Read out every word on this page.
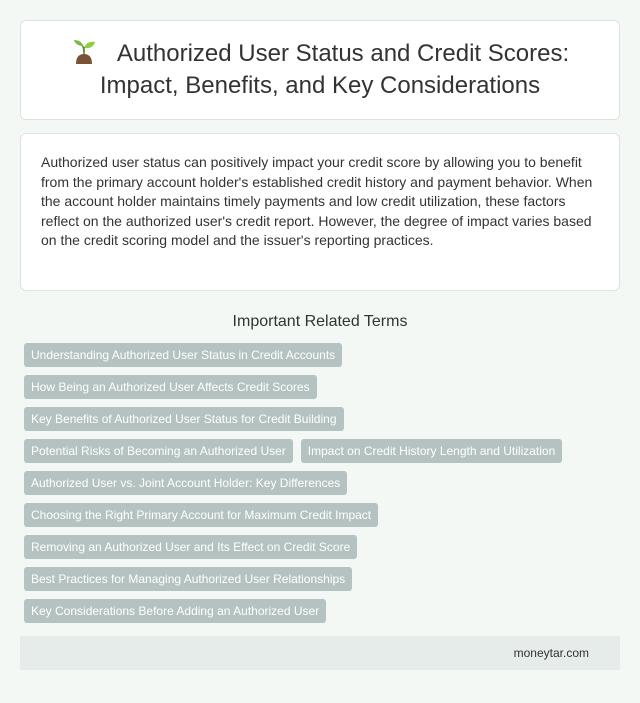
Authorized User Status and Credit Scores: Impact, Benefits, and Key Considerations

Authorized user status can positively impact your credit score by allowing you to benefit from the primary account holder's established credit history and payment behavior. When the account holder maintains timely payments and low credit utilization, these factors reflect on the authorized user's credit report. However, the degree of impact varies based on the credit scoring model and the issuer's reporting practices.

Important Related Terms
Understanding Authorized User Status in Credit Accounts
How Being an Authorized User Affects Credit Scores
Key Benefits of Authorized User Status for Credit Building
Potential Risks of Becoming an Authorized User	Impact on Credit History Length and Utilization
Authorized User vs. Joint Account Holder: Key Differences
Choosing the Right Primary Account for Maximum Credit Impact
Removing an Authorized User and Its Effect on Credit Score
Best Practices for Managing Authorized User Relationships
Key Considerations Before Adding an Authorized User
moneytar.com
